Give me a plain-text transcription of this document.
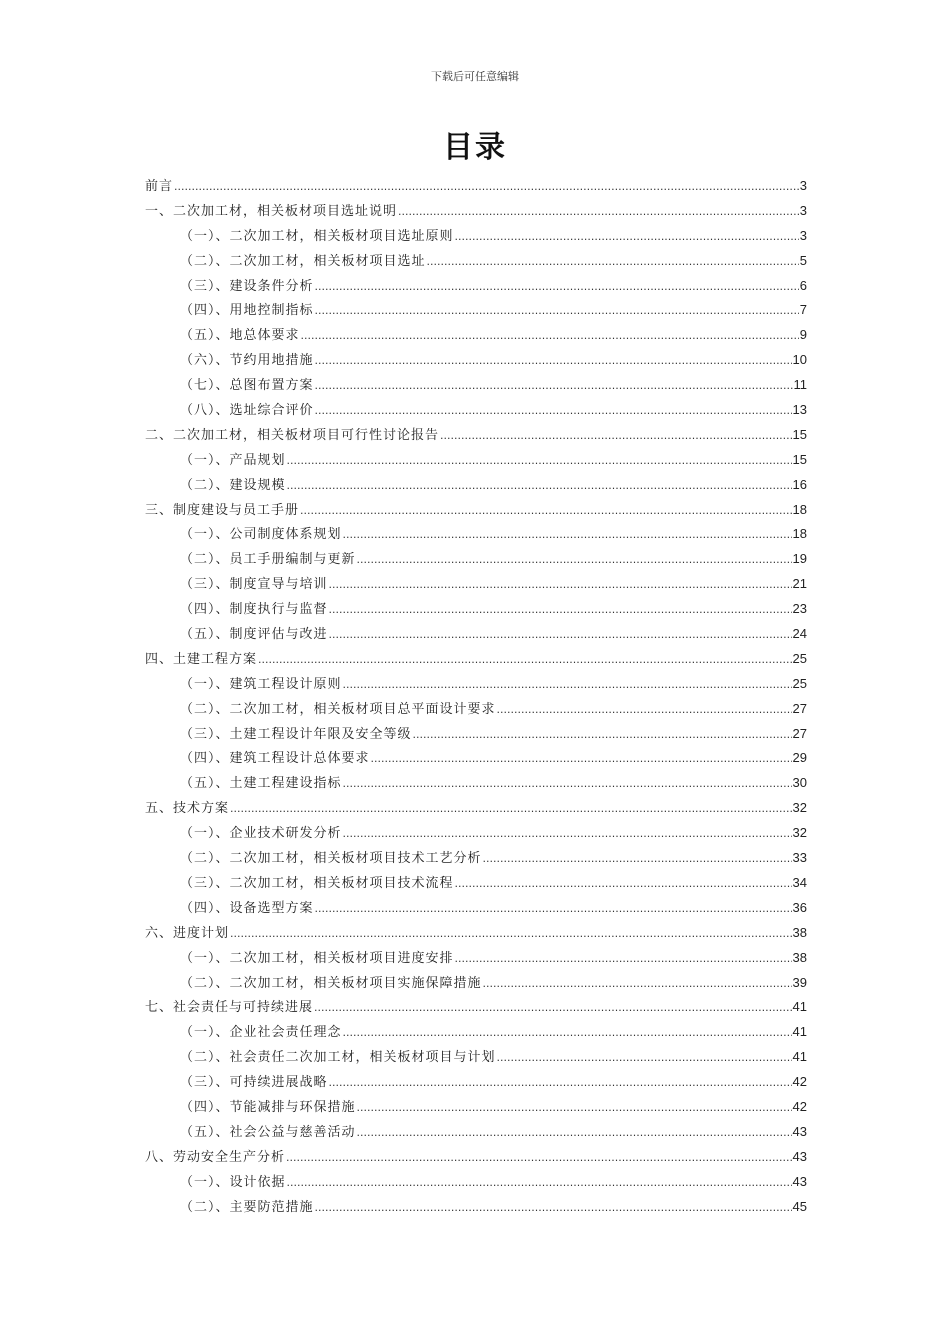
下载后可任意编辑
目录
前言 .....	3
一、二次加工材，相关板材项目选址说明 .....	3
（一）、二次加工材，相关板材项目选址原则 .....	3
（二）、二次加工材，相关板材项目选址 .....	5
（三）、建设条件分析 .....	6
（四）、用地控制指标 .....	7
（五）、地总体要求 .....	9
（六）、节约用地措施 .....	10
（七）、总图布置方案 .....	11
（八）、选址综合评价 .....	13
二、二次加工材，相关板材项目可行性讨论报告 .....	15
（一）、产品规划 .....	15
（二）、建设规模 .....	16
三、制度建设与员工手册 .....	18
（一）、公司制度体系规划 .....	18
（二）、员工手册编制与更新 .....	19
（三）、制度宣导与培训 .....	21
（四）、制度执行与监督 .....	23
（五）、制度评估与改进 .....	24
四、土建工程方案 .....	25
（一）、建筑工程设计原则 .....	25
（二）、二次加工材，相关板材项目总平面设计要求 .....	27
（三）、土建工程设计年限及安全等级 .....	27
（四）、建筑工程设计总体要求 .....	29
（五）、土建工程建设指标 .....	30
五、技术方案 .....	32
（一）、企业技术研发分析 .....	32
（二）、二次加工材，相关板材项目技术工艺分析 .....	33
（三）、二次加工材，相关板材项目技术流程 .....	34
（四）、设备选型方案 .....	36
六、进度计划 .....	38
（一）、二次加工材，相关板材项目进度安排 .....	38
（二）、二次加工材，相关板材项目实施保障措施 .....	39
七、社会责任与可持续进展 .....	41
（一）、企业社会责任理念 .....	41
（二）、社会责任二次加工材，相关板材项目与计划 .....	41
（三）、可持续进展战略 .....	42
（四）、节能减排与环保措施 .....	42
（五）、社会公益与慈善活动 .....	43
八、劳动安全生产分析 .....	43
（一）、设计依据 .....	43
（二）、主要防范措施 .....	45
